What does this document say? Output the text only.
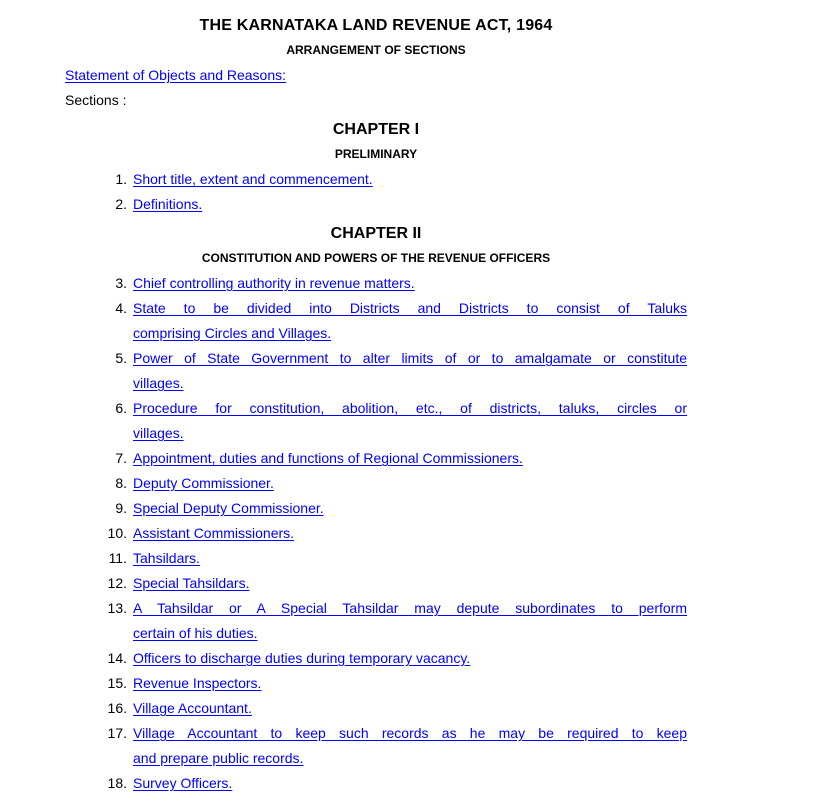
THE KARNATAKA LAND REVENUE ACT, 1964
ARRANGEMENT OF SECTIONS
Statement of Objects and Reasons:
Sections :
CHAPTER I
PRELIMINARY
1. Short title, extent and commencement.
2. Definitions.
CHAPTER II
CONSTITUTION AND POWERS OF THE REVENUE OFFICERS
3. Chief controlling authority in revenue matters.
4. State to be divided into Districts and Districts to consist of Taluks
comprising Circles and Villages.
5. Power of State Government to alter limits of or to amalgamate or constitute
villages.
6. Procedure for constitution, abolition, etc., of districts, taluks, circles or
villages.
7. Appointment, duties and functions of Regional Commissioners.
8. Deputy Commissioner.
9. Special Deputy Commissioner.
10. Assistant Commissioners.
11. Tahsildars.
12. Special Tahsildars.
13. A Tahsildar or A Special Tahsildar may depute subordinates to perform
certain of his duties.
14. Officers to discharge duties during temporary vacancy.
15. Revenue Inspectors.
16. Village Accountant.
17. Village Accountant to keep such records as he may be required to keep
and prepare public records.
18. Survey Officers.
